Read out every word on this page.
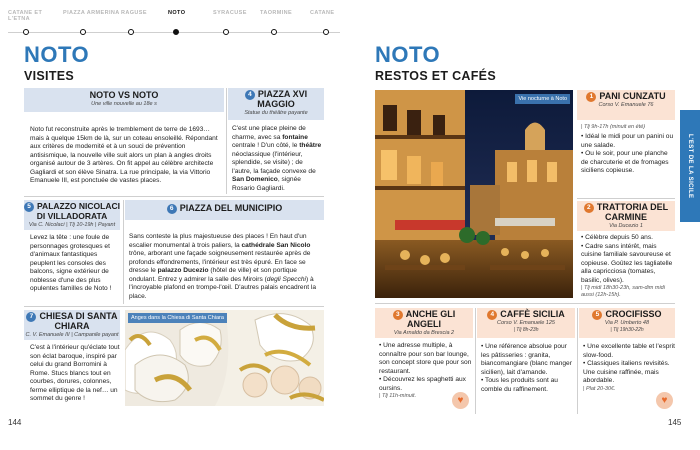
CATANE ET L'ETNA
PIAZZA ARMERINA RAGUSE	NOTO	SYRACUSE TAORMINE	CATANE
NOTO
VISITES
NOTO VS NOTO
Une ville nouvelle au 18e s
Noto fut reconstruite après le tremblement de terre de 1693… mais à quelque 15km de là, sur un coteau ensoleillé. Répondant aux critères de modernité et à un souci de prévention antisismique, la nouvelle ville suit alors un plan à angles droits organisé autour de 3 artères. On fit appel au célèbre architecte Gagliardi et son élève Sinatra. La rue principale, la via Vittorio Emanuele III, est ponctuée de vastes places.
4 PIAZZA XVI MAGGIO
Statue du théâtre payante
C'est une place pleine de charme, avec sa fontaine centrale ! D'un côté, le théâtre néoclassique (l'intérieur, splendide, se visite) ; de l'autre, la façade convexe de San Domenico, signée Rosario Gagliardi.
5 PALAZZO NICOLACI DI VILLADORATA
Via C. Nicolaci | Tlj 10-19h | Payant
Levez la tête : une foule de personnages grotesques et d'animaux fantastiques peuplent les consoles des balcons, signe extérieur de noblesse d'une des plus opulentes familles de Noto !
6 PIAZZA DEL MUNICIPIO
Sans conteste la plus majestueuse des places ! En haut d'un escalier monumental à trois paliers, la cathédrale San Nicolo trône, arborant une façade soigneusement restaurée après de profonds effondrements, l'intérieur est très épuré. En face se dresse le palazzo Ducezio (hôtel de ville) et son portique ondulant. Entrez y admirer la salle des Miroirs (degli Specchi) à l'incroyable plafond en trompe-l'œil. D'autres palais encadrent la place.
7 CHIESA DI SANTA CHIARA
C. V. Emanuele III | Campanile payant
C'est à l'intérieur qu'éclate tout son éclat baroque, inspiré par celui du grand Borromini à Rome. Stucs blancs tout en courbes, dorures, colonnes, ferme elliptique de la nef… un sommet du genre !
Anges dans la Chiesa di Santa Chiara
144
NOTO
RESTOS ET CAFÉS
Vie nocturne à Noto	1 PANI CUNZATU
Corso V. Emanuele 76
| Tlj 9h-17h (minuit en été)
• Idéal le midi pour un panini ou une salade.
• Ou le soir, pour une planche de charcuterie et de fromages siciliens copieuse.
2 TRATTORIA DEL CARMINE
Via Ducezio 1
• Célèbre depuis 50 ans.
• Cadre sans intérêt, mais cuisine familiale savoureuse et copieuse. Goûtez les tagliatelle alla capricciosa (tomates, basilic, olives).
| Tlj midi 18h30-23h, sam-dim midi aussi (12h-15h).
L'EST DE LA SICILE
3 ANCHE GLI ANGELI
Via Arnaldo da Brescia 2
• Une adresse multiple, à connaître pour son bar lounge, son concept store que pour son restaurant.
• Découvrez les spaghetti aux oursins.
| Tlj 11h-minuit.	♥
4 CAFFÈ SICILIA
Corso V. Emanuele 125
| Tlj 8h-23h
• Une référence absolue pour les pâtisseries : granita, biancomangiare (blanc manger sicilien), lait d'amande.
• Tous les produits sont au comble du raffinement.
5 CROCIFISSO
Via P. Umberto 48
| Tlj 19h30-22h
• Une excellente table et l'esprit slow-food.
• Classiques italiens revisités. Une cuisine raffinée, mais abordable.
| Plat 20-30€.
♥
145
